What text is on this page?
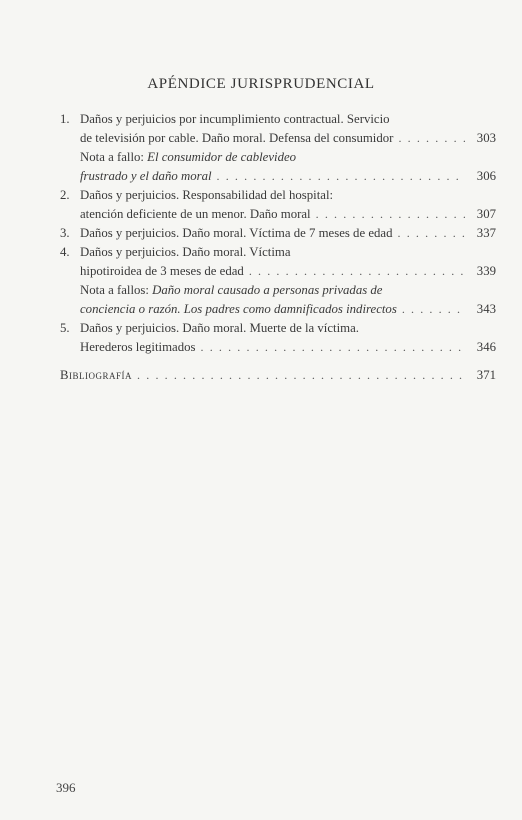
APÉNDICE JURISPRUDENCIAL
1. Daños y perjuicios por incumplimiento contractual. Servicio
de televisión por cable. Daño moral. Defensa del consumidor . . .	303
Nota a fallo: El consumidor de cablevideo
frustrado y el daño moral . . .	306
2. Daños y perjuicios. Responsabilidad del hospital:
atención deficiente de un menor. Daño moral . . .	307
3. Daños y perjuicios. Daño moral. Víctima de 7 meses de edad . . .	337
4. Daños y perjuicios. Daño moral. Víctima
hipotiroidea de 3 meses de edad . . .	339
Nota a fallos: Daño moral causado a personas privadas de
conciencia o razón. Los padres como damnificados indirectos . . .	343
5. Daños y perjuicios. Daño moral. Muerte de la víctima.
Herederos legitimados . . .	346
Bibliografía . . .	371
396
